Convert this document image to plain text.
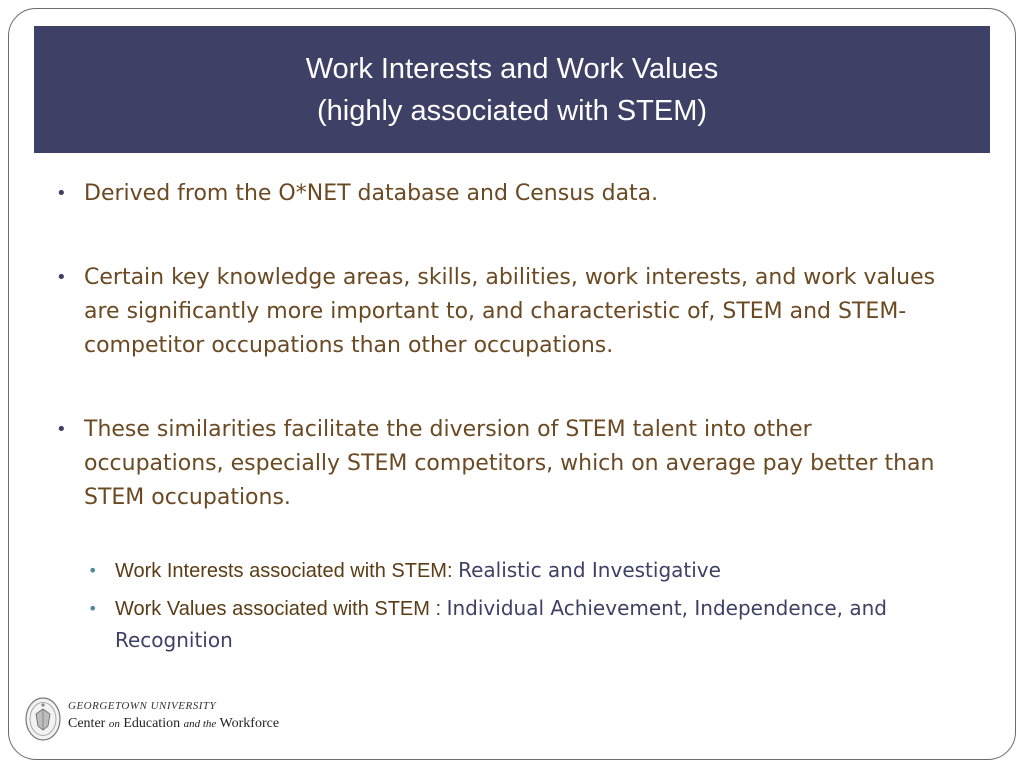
Work Interests and Work Values
(highly associated with STEM)
• Derived from the O*NET database and Census data.
• Certain key knowledge areas, skills, abilities, work interests, and work values are significantly more important to, and characteristic of, STEM and STEM-competitor occupations than other occupations.
• These similarities facilitate the diversion of STEM talent into other occupations, especially STEM competitors, which on average pay better than STEM occupations.
• Work Interests associated with STEM: Realistic and Investigative
• Work Values associated with STEM : Individual Achievement, Independence, and Recognition
GEORGETOWN UNIVERSITY
Center on Education and the Workforce
